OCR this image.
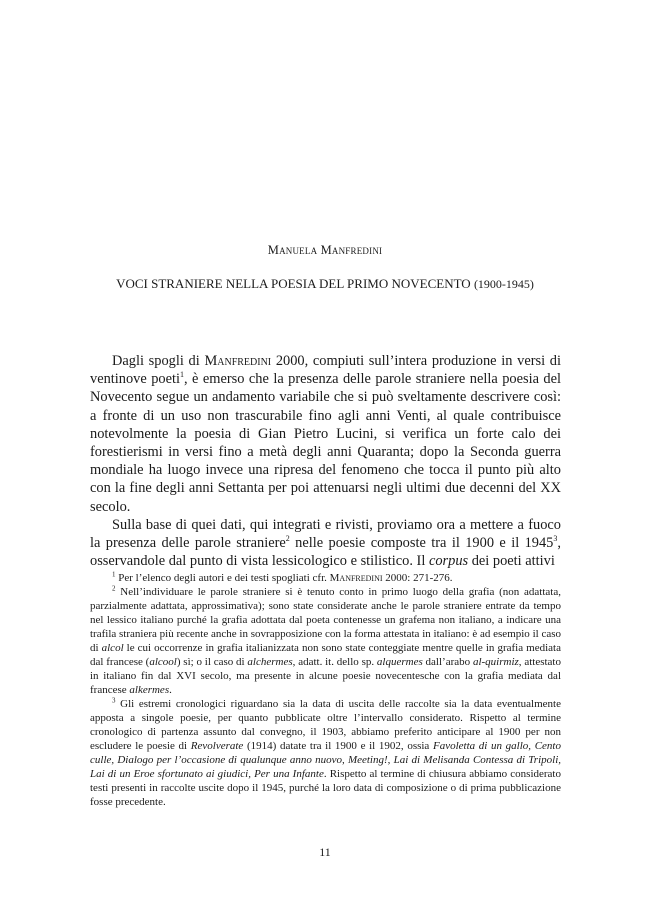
Manuela Manfredini
VOCI STRANIERE NELLA POESIA DEL PRIMO NOVECENTO (1900-1945)

Dagli spogli di Manfredini 2000, compiuti sull’intera produzione in versi di ventinove poeti$^1$, è emerso che la presenza delle parole straniere nella poesia del Novecento segue un andamento variabile che si può sveltamente descrivere così: a fronte di un uso non trascurabile fino agli anni Venti, al quale contribuisce notevolmente la poesia di Gian Pietro Lucini, si verifica un forte calo dei forestierismi in versi fino a metà degli anni Quaranta; dopo la Seconda guerra mondiale ha luogo invece una ripresa del fenomeno che tocca il punto più alto con la fine degli anni Settanta per poi attenuarsi negli ultimi due decenni del XX secolo.

Sulla base di quei dati, qui integrati e rivisti, proviamo ora a mettere a fuoco la presenza delle parole straniere$^2$ nelle poesie composte tra il 1900 e il 1945$^3$, osservandole dal punto di vista lessicologico e stilistico. Il corpus dei poeti attivi

$^1$ Per l’elenco degli autori e dei testi spogliati cfr. Manfredini 2000: 271-276.

$^2$ Nell’individuare le parole straniere si è tenuto conto in primo luogo della grafia (non adattata, parzialmente adattata, approssimativa); sono state considerate anche le parole straniere entrate da tempo nel lessico italiano purché la grafia adottata dal poeta contenesse un grafema non italiano, a indicare una trafila straniera più recente anche in sovrapposizione con la forma attestata in italiano: è ad esempio il caso di alcol le cui occorrenze in grafia italianizzata non sono state conteggiate mentre quelle in grafia mediata dal francese (alcool) sì; o il caso di alchermes, adatt. it. dello sp. alquermes dall’arabo al-quirmiz, attestato in italiano fin dal XVI secolo, ma presente in alcune poesie novecentesche con la grafia mediata dal francese alkermes.

$^3$ Gli estremi cronologici riguardano sia la data di uscita delle raccolte sia la data eventualmente apposta a singole poesie, per quanto pubblicate oltre l’intervallo considerato. Rispetto al termine cronologico di partenza assunto dal convegno, il 1903, abbiamo preferito anticipare al 1900 per non escludere le poesie di Revolverate (1914) datate tra il 1900 e il 1902, ossia Favoletta di un gallo, Cento culle, Dialogo per l’occasione di qualunque anno nuovo, Meeting!, Lai di Melisanda Contessa di Tripoli, Lai di un Eroe sfortunato ai giudici, Per una Infante. Rispetto al termine di chiusura abbiamo considerato testi presenti in raccolte uscite dopo il 1945, purché la loro data di composizione o di prima pubblicazione fosse precedente.

11
